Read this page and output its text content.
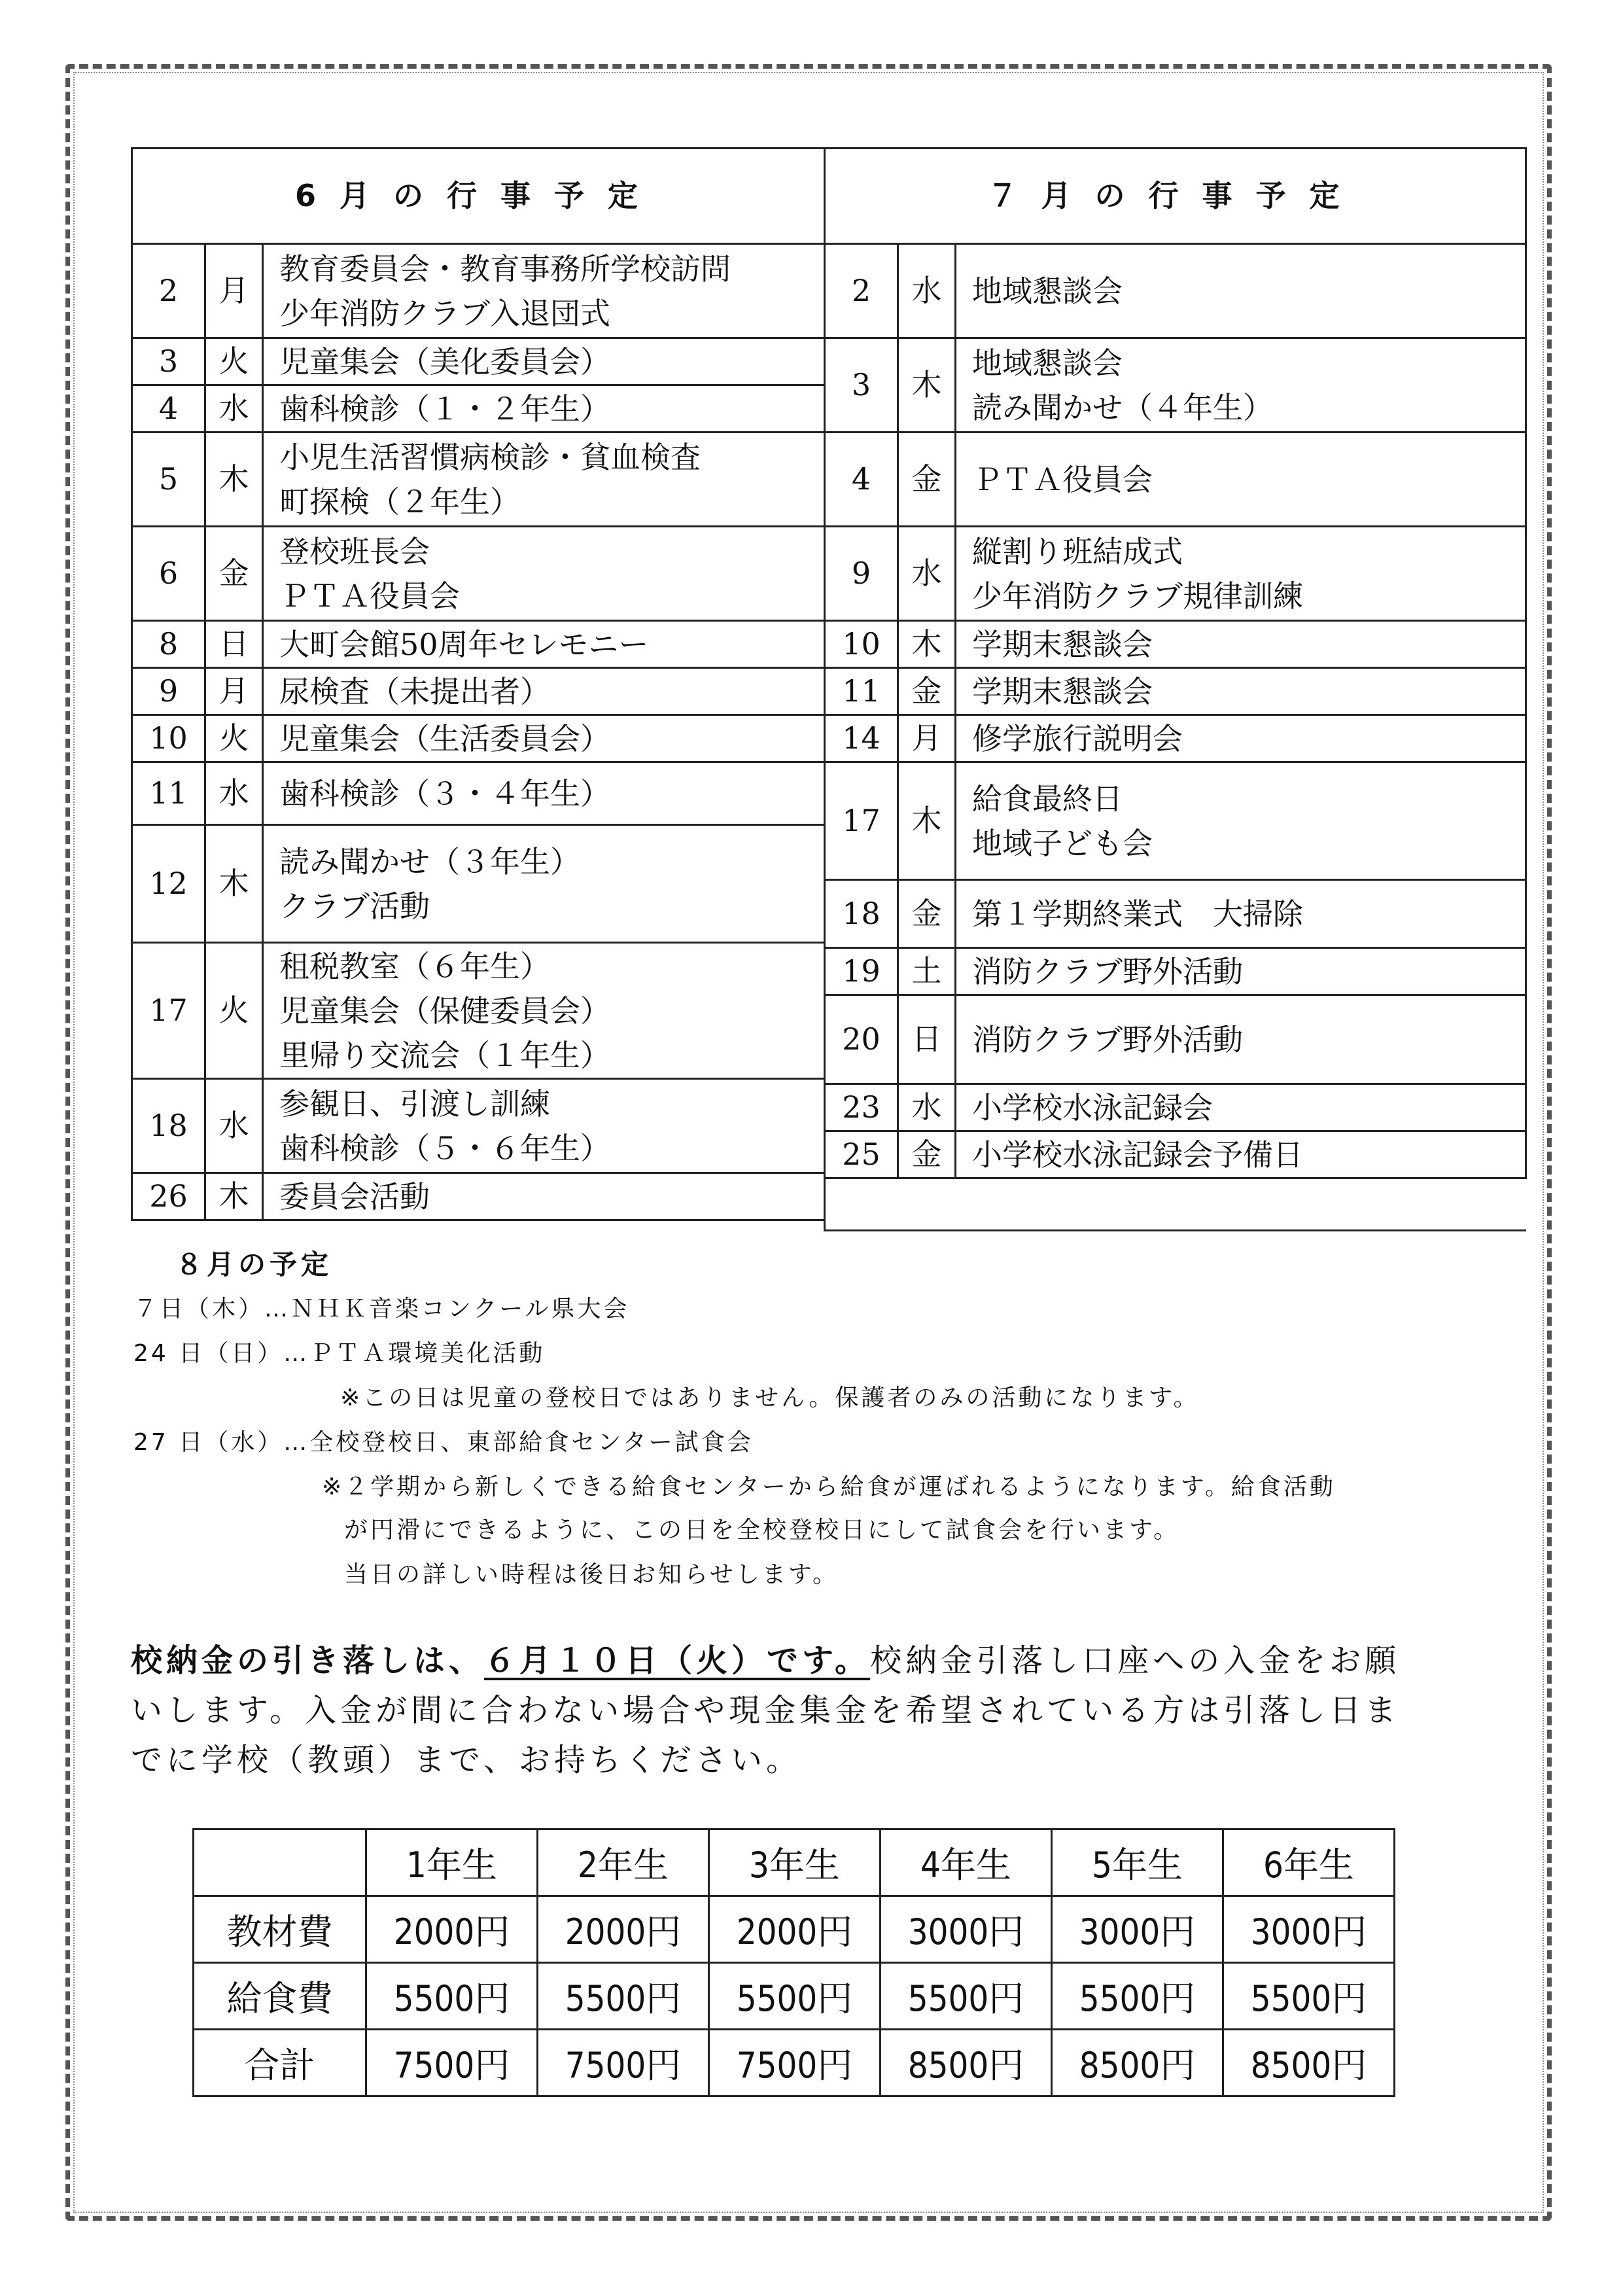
6月の行事予定		
2	月	教育委員会・教育事務所学校訪問
少年消防クラブ入退団式

3	火	児童集会（美化委員会）

4	水	歯科検診（１・２年生）

5	木	小児生活習慣病検診・貧血検査
町探検（２年生）

6	金	登校班長会
ＰＴＡ役員会

8	日	大町会館50周年セレモニー

9	月	尿検査（未提出者）

10	火	児童集会（生活委員会）

11	水	歯科検診（３・４年生）

12	木	読み聞かせ（３年生）
クラブ活動

17	火	租税教室（６年生）
児童集会（保健委員会）
里帰り交流会（１年生）

18	水	参観日、引渡し訓練
歯科検診（５・６年生）

26	木	委員会活動
７月の行事予定		
2	水	地域懇談会

3	木	地域懇談会
読み聞かせ（４年生）

4	金	ＰＴＡ役員会

9	水	縦割り班結成式
少年消防クラブ規律訓練

10	木	学期末懇談会

11	金	学期末懇談会

14	月	修学旅行説明会

17	木	給食最終日
地域子ども会

18	金	第１学期終業式　大掃除

19	土	消防クラブ野外活動

20	日	消防クラブ野外活動

23	水	小学校水泳記録会

25	金	小学校水泳記録会予備日

８月の予定
７日（木）…ＮＨＫ音楽コンクール県大会
24 日（日）…ＰＴＡ環境美化活動
※この日は児童の登校日ではありません。保護者のみの活動になります。
27 日（水）…全校登校日、東部給食センター試食会
※２学期から新しくできる給食センターから給食が運ばれるようになります。給食活動
が円滑にできるように、この日を全校登校日にして試食会を行います。
当日の詳しい時程は後日お知らせします。
校納金の引き落しは、６月１０日（火）です。校納金引落し口座への入金をお願
いします。入金が間に合わない場合や現金集金を希望されている方は引落し日ま
でに学校（教頭）まで、お持ちください。
	1年生	2年生	3年生	4年生	5年生	6年生
教材費	2000円	2000円	2000円	3000円	3000円	3000円
給食費	5500円	5500円	5500円	5500円	5500円	5500円
合計	7500円	7500円	7500円	8500円	8500円	8500円
